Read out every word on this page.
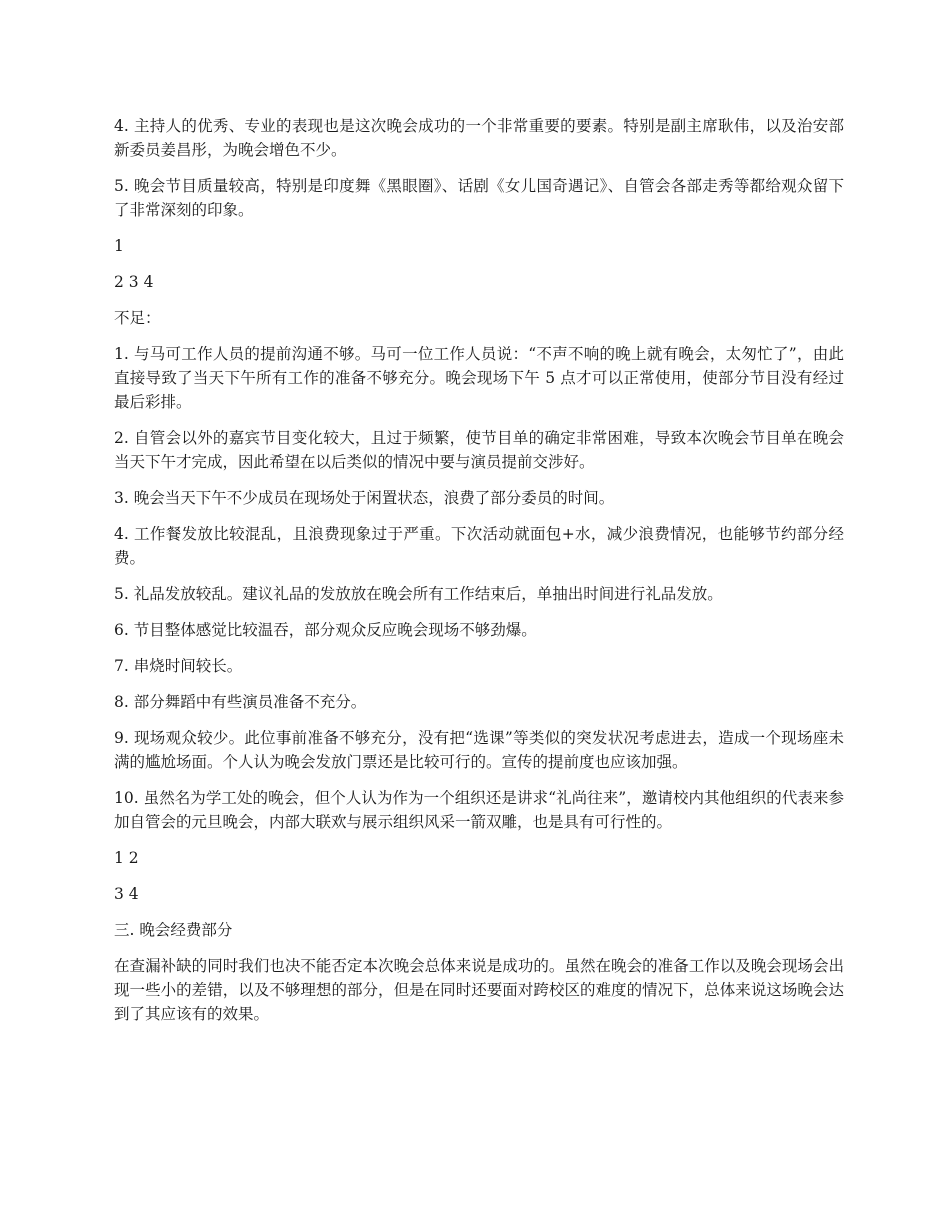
4. 主持人的优秀、专业的表现也是这次晚会成功的一个非常重要的要素。特别是副主席耿伟，以及治安部新委员姜昌彤，为晚会增色不少。

5. 晚会节目质量较高，特别是印度舞《黑眼圈》、话剧《女儿国奇遇记》、自管会各部走秀等都给观众留下了非常深刻的印象。

1

2 3 4

不足：

1. 与马可工作人员的提前沟通不够。马可一位工作人员说：“不声不响的晚上就有晚会，太匆忙了”，由此直接导致了当天下午所有工作的准备不够充分。晚会现场下午 5 点才可以正常使用，使部分节目没有经过最后彩排。

2. 自管会以外的嘉宾节目变化较大，且过于频繁，使节目单的确定非常困难，导致本次晚会节目单在晚会当天下午才完成，因此希望在以后类似的情况中要与演员提前交涉好。

3. 晚会当天下午不少成员在现场处于闲置状态，浪费了部分委员的时间。

4. 工作餐发放比较混乱，且浪费现象过于严重。下次活动就面包+水，减少浪费情况，也能够节约部分经费。

5. 礼品发放较乱。建议礼品的发放放在晚会所有工作结束后，单抽出时间进行礼品发放。

6. 节目整体感觉比较温吞，部分观众反应晚会现场不够劲爆。

7. 串烧时间较长。

8. 部分舞蹈中有些演员准备不充分。

9. 现场观众较少。此位事前准备不够充分，没有把“选课”等类似的突发状况考虑进去，造成一个现场座未满的尴尬场面。个人认为晚会发放门票还是比较可行的。宣传的提前度也应该加强。

10. 虽然名为学工处的晚会，但个人认为作为一个组织还是讲求“礼尚往来”，邀请校内其他组织的代表来参加自管会的元旦晚会，内部大联欢与展示组织风采一箭双雕，也是具有可行性的。

1 2

3 4

三. 晚会经费部分

在查漏补缺的同时我们也决不能否定本次晚会总体来说是成功的。虽然在晚会的准备工作以及晚会现场会出现一些小的差错，以及不够理想的部分，但是在同时还要面对跨校区的难度的情况下，总体来说这场晚会达到了其应该有的效果。
